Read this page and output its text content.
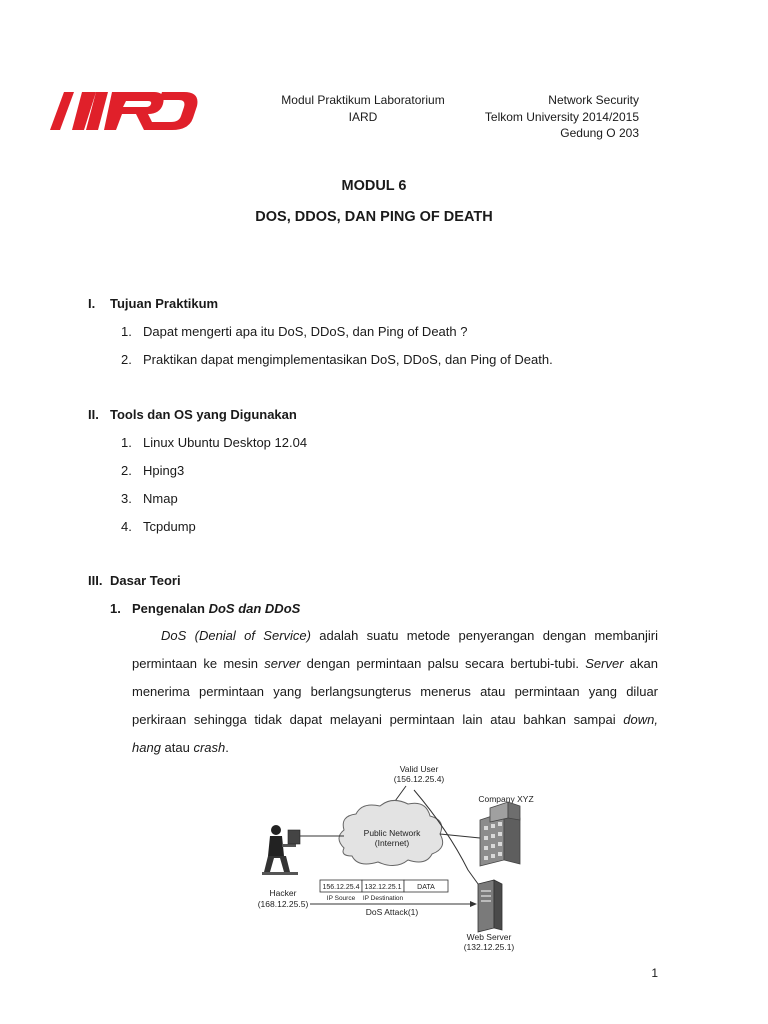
Modul Praktikum Laboratorium
IARD
Network Security
Telkom University 2014/2015
Gedung O 203
MODUL 6
DOS, DDOS, DAN PING OF DEATH
I. Tujuan Praktikum
1. Dapat mengerti apa itu DoS, DDoS, dan Ping of Death ?
2. Praktikan dapat mengimplementasikan DoS, DDoS, dan Ping of Death.
II. Tools dan OS yang Digunakan
1. Linux Ubuntu Desktop 12.04
2. Hping3
3. Nmap
4. Tcpdump
III. Dasar Teori
1. Pengenalan DoS dan DDoS
DoS (Denial of Service) adalah suatu metode penyerangan dengan membanjiri
permintaan ke mesin server dengan permintaan palsu secara bertubi-tubi. Server akan
menerima permintaan yang berlangsungterus menerus atau permintaan yang diluar
perkiraan sehingga tidak dapat melayani permintaan lain atau bahkan sampai down,
hang atau crash.
Valid User
(156.12.25.4)
Company XYZ
Public Network
(Internet)
Hacker
(168.12.25.5)
156.12.25.4 132.12.25.1 DATA
IP Source IP Destination
DoS Attack(1)
Web Server
(132.12.25.1)
1
